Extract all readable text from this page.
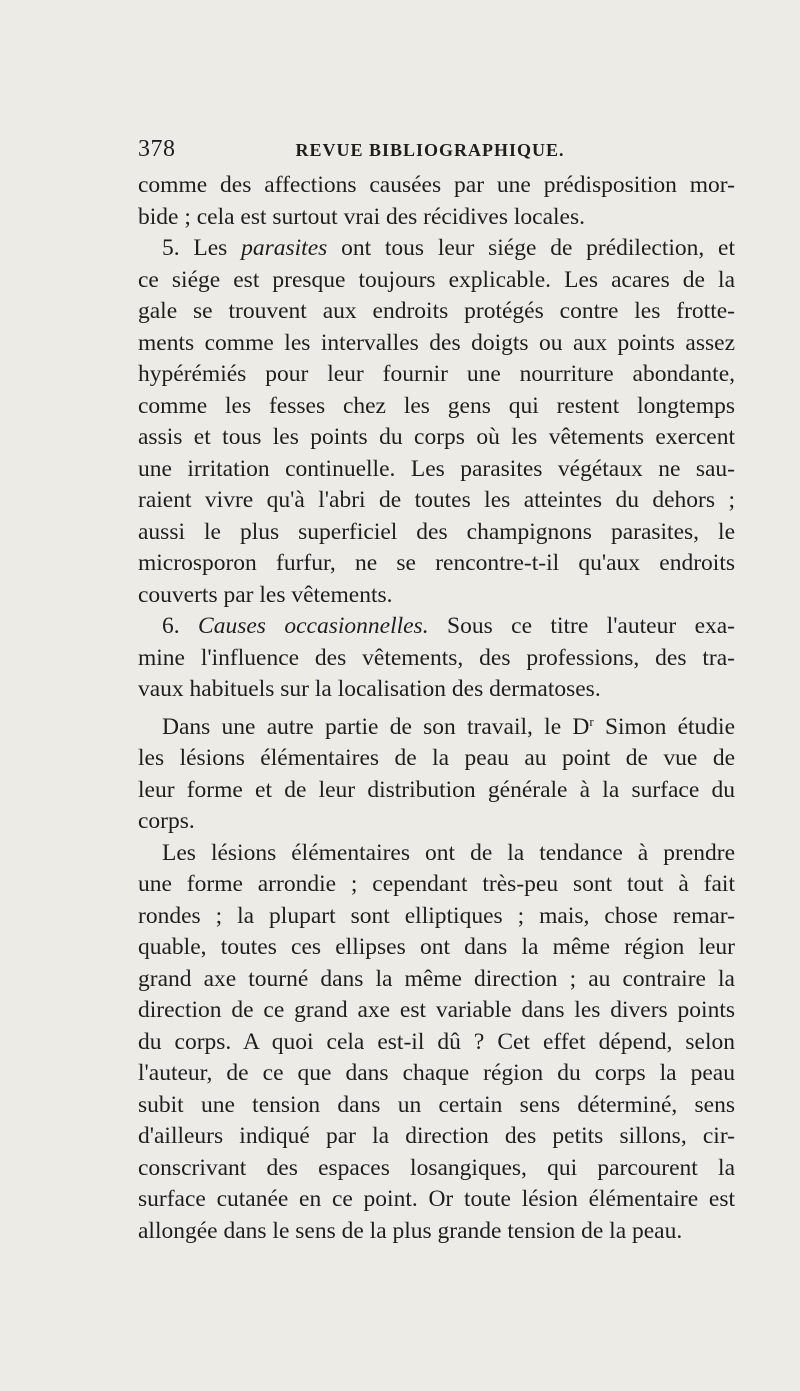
378	REVUE BIBLIOGRAPHIQUE.
comme des affections causées par une prédisposition mor-
bide ; cela est surtout vrai des récidives locales.
5. Les parasites ont tous leur siége de prédilection, et
ce siége est presque toujours explicable. Les acares de la
gale se trouvent aux endroits protégés contre les frotte-
ments comme les intervalles des doigts ou aux points assez
hypérémiés pour leur fournir une nourriture abondante,
comme les fesses chez les gens qui restent longtemps
assis et tous les points du corps où les vêtements exercent
une irritation continuelle. Les parasites végétaux ne sau-
raient vivre qu'à l'abri de toutes les atteintes du dehors ;
aussi le plus superficiel des champignons parasites, le
microsporon furfur, ne se rencontre-t-il qu'aux endroits
couverts par les vêtements.
6. Causes occasionnelles. Sous ce titre l'auteur exa-
mine l'influence des vêtements, des professions, des tra-
vaux habituels sur la localisation des dermatoses.
Dans une autre partie de son travail, le $D^r$ Simon étudie
les lésions élémentaires de la peau au point de vue de
leur forme et de leur distribution générale à la surface du
corps.
Les lésions élémentaires ont de la tendance à prendre
une forme arrondie ; cependant très-peu sont tout à fait
rondes ; la plupart sont elliptiques ; mais, chose remar-
quable, toutes ces ellipses ont dans la même région leur
grand axe tourné dans la même direction ; au contraire la
direction de ce grand axe est variable dans les divers points
du corps. A quoi cela est-il dû ? Cet effet dépend, selon
l'auteur, de ce que dans chaque région du corps la peau
subit une tension dans un certain sens déterminé, sens
d'ailleurs indiqué par la direction des petits sillons, cir-
conscrivant des espaces losangiques, qui parcourent la
surface cutanée en ce point. Or toute lésion élémentaire est
allongée dans le sens de la plus grande tension de la peau.
